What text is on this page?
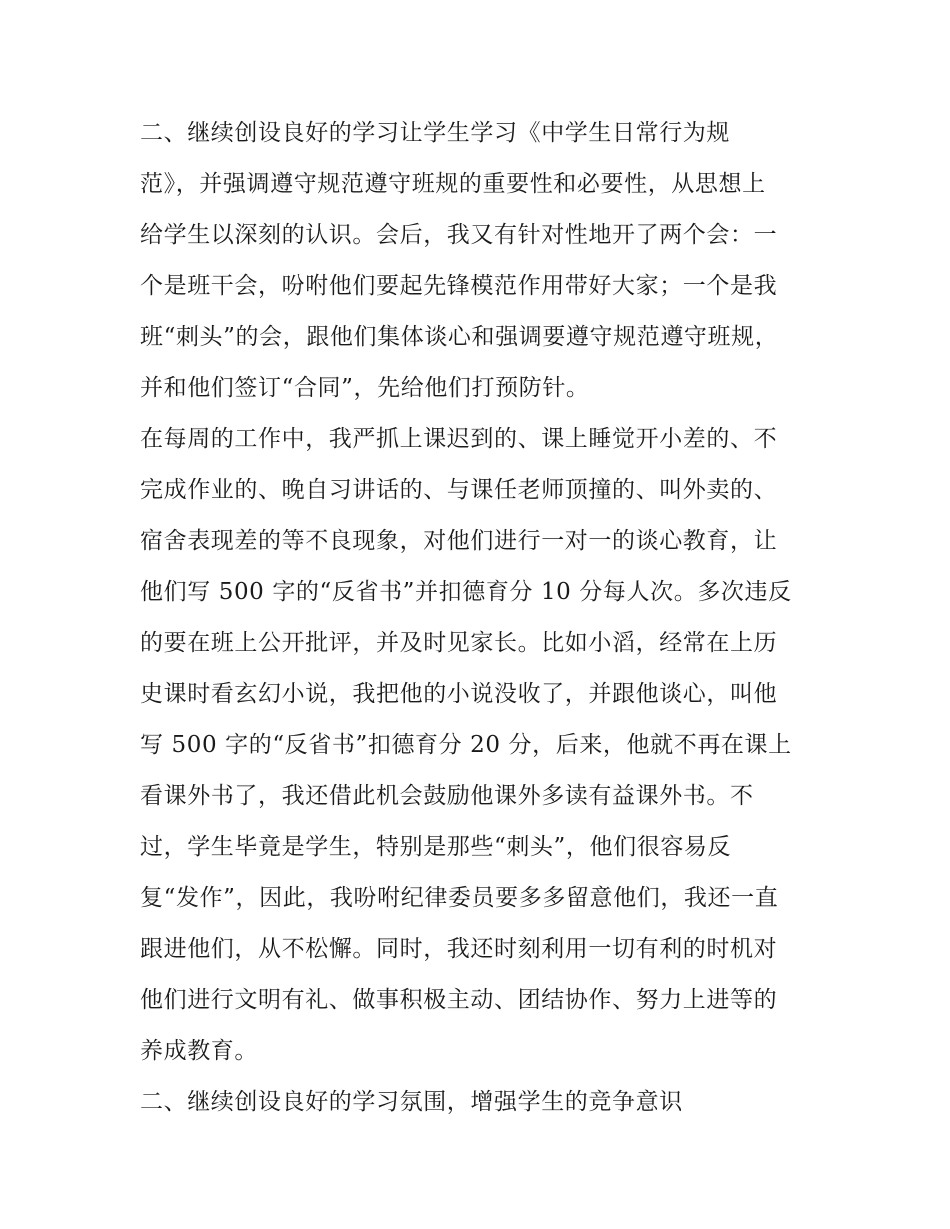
二、继续创设良好的学习让学生学习《中学生日常行为规
范》，并强调遵守规范遵守班规的重要性和必要性，从思想上
给学生以深刻的认识。会后，我又有针对性地开了两个会：一
个是班干会，吩咐他们要起先锋模范作用带好大家；一个是我
班“刺头”的会，跟他们集体谈心和强调要遵守规范遵守班规，
并和他们签订“合同”，先给他们打预防针。
在每周的工作中，我严抓上课迟到的、课上睡觉开小差的、不
完成作业的、晚自习讲话的、与课任老师顶撞的、叫外卖的、
宿舍表现差的等不良现象，对他们进行一对一的谈心教育，让
他们写 500 字的“反省书”并扣德育分 10 分每人次。多次违反
的要在班上公开批评，并及时见家长。比如小滔，经常在上历
史课时看玄幻小说，我把他的小说没收了，并跟他谈心，叫他
写 500 字的“反省书”扣德育分 20 分，后来，他就不再在课上
看课外书了，我还借此机会鼓励他课外多读有益课外书。不
过，学生毕竟是学生，特别是那些“刺头”，他们很容易反
复“发作”，因此，我吩咐纪律委员要多多留意他们，我还一直
跟进他们，从不松懈。同时，我还时刻利用一切有利的时机对
他们进行文明有礼、做事积极主动、团结协作、努力上进等的
养成教育。
二、继续创设良好的学习氛围，增强学生的竞争意识
